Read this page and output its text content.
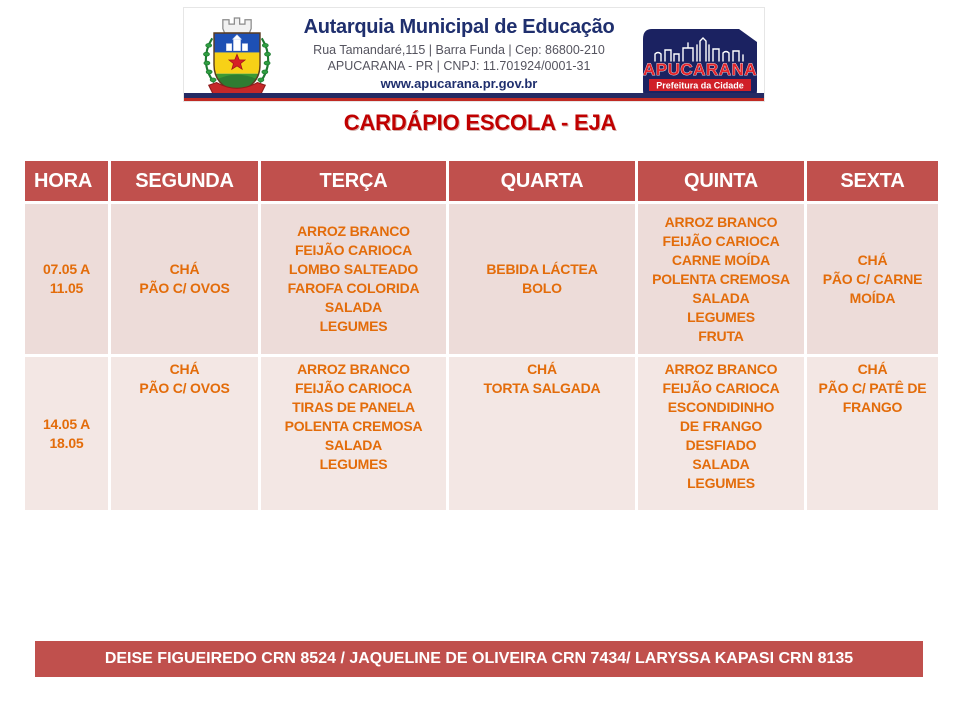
Autarquia Municipal de Educação
Rua Tamandaré,115 | Barra Funda | Cep: 86800-210
APUCARANA - PR | CNPJ: 11.701924/0001-31
www.apucarana.pr.gov.br
APUCARANA
Prefeitura da Cidade
CARDÁPIO ESCOLA - EJA
HORA	SEGUNDA	TERÇA	QUARTA	QUINTA	SEXTA

07.05 A
11.05

CHÁ
PÃO C/ OVOS

ARROZ BRANCO
FEIJÃO CARIOCA
LOMBO SALTEADO
FAROFA COLORIDA
SALADA
LEGUMES

BEBIDA LÁCTEA
BOLO

ARROZ BRANCO
FEIJÃO CARIOCA
CARNE MOÍDA
POLENTA CREMOSA
SALADA
LEGUMES
FRUTA

CHÁ
PÃO C/ CARNE
MOÍDA

14.05 A
18.05

CHÁ
PÃO C/ OVOS

ARROZ BRANCO
FEIJÃO CARIOCA
TIRAS DE PANELA
POLENTA CREMOSA
SALADA
LEGUMES

CHÁ
TORTA SALGADA

ARROZ BRANCO
FEIJÃO CARIOCA
ESCONDIDINHO
DE FRANGO
DESFIADO
SALADA
LEGUMES

CHÁ
PÃO C/ PATÊ DE
FRANGO
DEISE FIGUEIREDO CRN 8524 / JAQUELINE DE OLIVEIRA CRN 7434/ LARYSSA KAPASI CRN 8135
